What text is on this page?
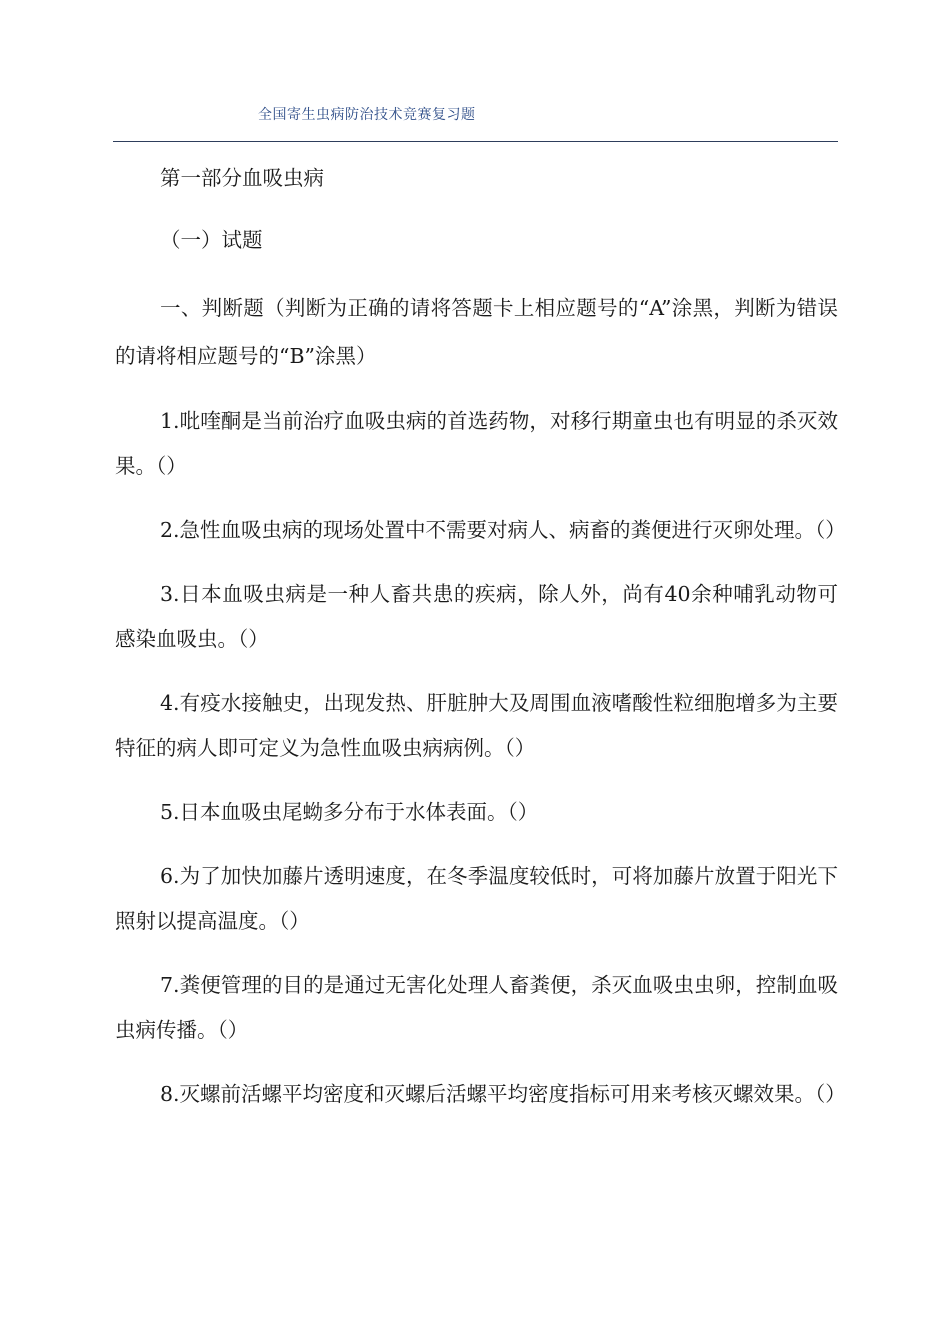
全国寄生虫病防治技术竞赛复习题

第一部分血吸虫病

（一）试题

一、判断题（判断为正确的请将答题卡上相应题号的“A”涂黑，判断为错误的请将相应题号的“B”涂黑）

1.吡喹酮是当前治疗血吸虫病的首选药物，对移行期童虫也有明显的杀灭效果。（）
2.急性血吸虫病的现场处置中不需要对病人、病畜的粪便进行灭卵处理。（）
3.日本血吸虫病是一种人畜共患的疾病，除人外，尚有40余种哺乳动物可感染血吸虫。（）
4.有疫水接触史，出现发热、肝脏肿大及周围血液嗜酸性粒细胞增多为主要特征的病人即可定义为急性血吸虫病病例。（）
5.日本血吸虫尾蚴多分布于水体表面。（）
6.为了加快加藤片透明速度，在冬季温度较低时，可将加藤片放置于阳光下照射以提高温度。（）
7.粪便管理的目的是通过无害化处理人畜粪便，杀灭血吸虫虫卵，控制血吸虫病传播。（）
8.灭螺前活螺平均密度和灭螺后活螺平均密度指标可用来考核灭螺效果。（）
